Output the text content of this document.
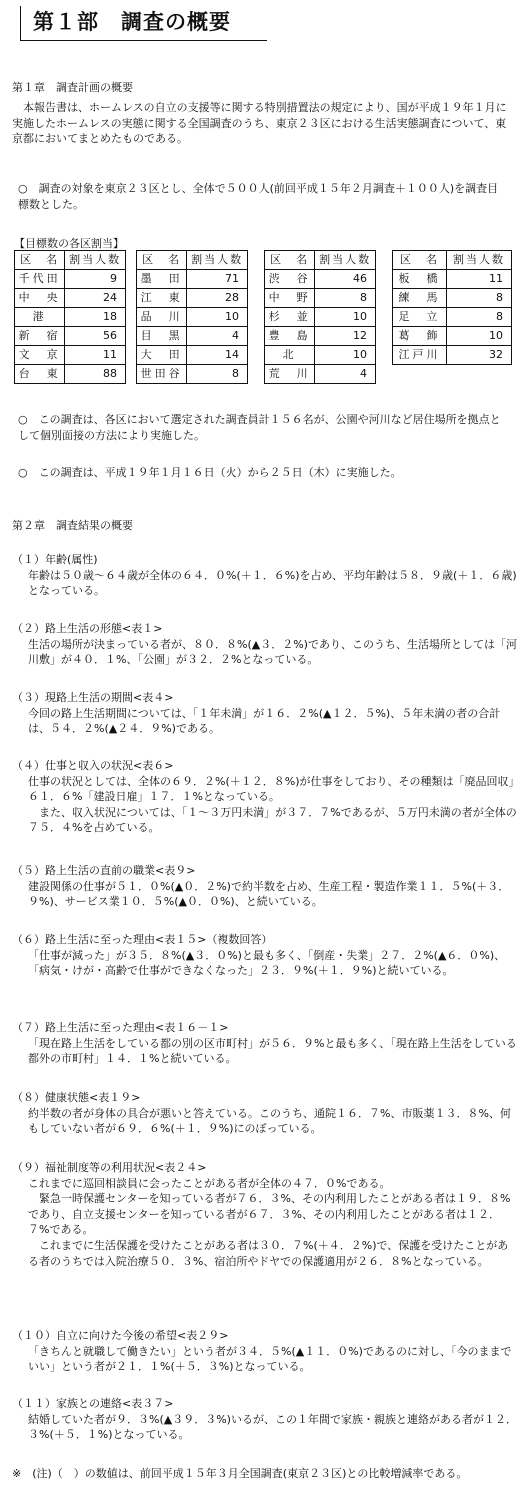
第１部　調査の概要
第１章　調査計画の概要

本報告書は、ホームレスの自立の支援等に関する特別措置法の規定により、国が平成１９年１月に実施したホームレスの実態に関する全国調査のうち、東京２３区における生活実態調査について、東京都においてまとめたものである。

○　調査の対象を東京２３区とし、全体で５００人(前回平成１５年２月調査＋１００人)を調査目標数とした。

【目標数の各区割当】
区　名	割当人数
千代田	9
中　央	24
港	18
新　宿	56
文　京	11
台　東	88
区　名	割当人数
墨　田	71
江　東	28
品　川	10
目　黒	4
大　田	14
世田谷	8
区　名	割当人数
渋　谷	46
中　野	8
杉　並	10
豊　島	12
北	10
荒　川	4
区　名	割当人数
板　橋	11
練　馬	8
足　立	8
葛　飾	10
江戸川	32

○　この調査は、各区において選定された調査員計１５６名が、公園や河川など居住場所を拠点として個別面接の方法により実施した。

○　この調査は、平成１９年１月１６日（火）から２５日（木）に実施した。

第２章　調査結果の概要

（１）年齢(属性)

年齢は５０歳～６４歳が全体の６４．０%(＋１．６%)を占め、平均年齢は５８．９歳(＋１．６歳)となっている。

（２）路上生活の形態<表１>

生活の場所が決まっている者が、８０．８%(▲３．２%)であり、このうち、生活場所としては「河川敷」が４０．１%、「公園」が３２．２%となっている。

（３）現路上生活の期間<表４>

今回の路上生活期間については、「１年未満」が１６．２%(▲１２．５%)、５年未満の者の合計は、５４．２%(▲２４．９%)である。

（４）仕事と収入の状況<表６>

仕事の状況としては、全体の６９．２%(＋１２．８%)が仕事をしており、その種類は「廃品回収」６１．６%「建設日雇」１７．１%となっている。

また、収入状況については、「１～３万円未満」が３７．７%であるが、５万円未満の者が全体の７５．４%を占めている。

（５）路上生活の直前の職業<表９>

建設関係の仕事が５１．０%(▲０．２%)で約半数を占め、生産工程・製造作業１１．５%(＋３．９%)、サービス業１０．５%(▲０．０%)、と続いている。

（６）路上生活に至った理由<表１５>（複数回答）

「仕事が減った」が３５．８%(▲３．０%)と最も多く、「倒産・失業」２７．２%(▲６．０%)、「病気・けが・高齢で仕事ができなくなった」２３．９%(＋１．９%)と続いている。

（７）路上生活に至った理由<表１６－１>

「現在路上生活をしている都の別の区市町村」が５６．９%と最も多く、「現在路上生活をしている都外の市町村」１４．１%と続いている。

（８）健康状態<表１９>

約半数の者が身体の具合が悪いと答えている。このうち、通院１６．７%、市販薬１３．８%、何もしていない者が６９．６%(＋１．９%)にのぼっている。

（９）福祉制度等の利用状況<表２４>

これまでに巡回相談員に会ったことがある者が全体の４７．０%である。

緊急一時保護センターを知っている者が７６．３%、その内利用したことがある者は１９．８%であり、自立支援センターを知っている者が６７．３%、その内利用したことがある者は１２．７%である。

これまでに生活保護を受けたことがある者は３０．７%(＋４．２%)で、保護を受けたことがある者のうちでは入院治療５０．３%、宿泊所やドヤでの保護適用が２６．８%となっている。

（１０）自立に向けた今後の希望<表２９>

「きちんと就職して働きたい」という者が３４．５%(▲１１．０%)であるのに対し、「今のままでいい」という者が２１．１%(＋５．３%)となっている。

（１１）家族との連絡<表３７>

結婚していた者が９．３%(▲３９．３%)いるが、この１年間で家族・親族と連絡がある者が１２．３%(＋５．１%)となっている。

※　(注)（　）の数値は、前回平成１５年３月全国調査(東京２３区)との比較増減率である。
